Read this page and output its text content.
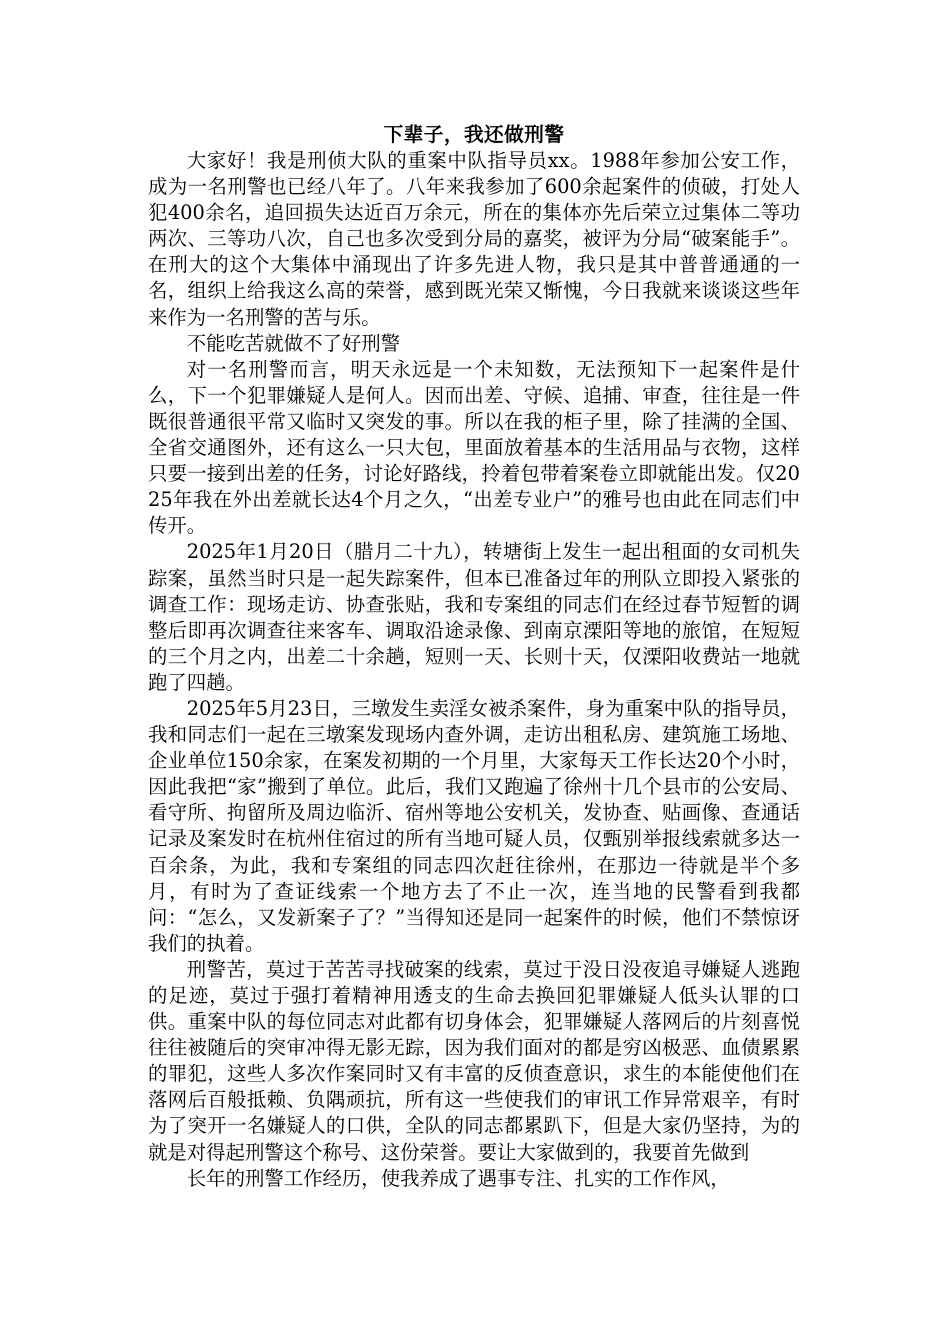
下辈子，我还做刑警

大家好！我是刑侦大队的重案中队指导员xx。1988年参加公安工作，成为一名刑警也已经八年了。八年来我参加了600余起案件的侦破，打处人犯400余名，追回损失达近百万余元，所在的集体亦先后荣立过集体二等功两次、三等功八次，自己也多次受到分局的嘉奖，被评为分局“破案能手”。在刑大的这个大集体中涌现出了许多先进人物，我只是其中普普通通的一名，组织上给我这么高的荣誉，感到既光荣又惭愧，今日我就来谈谈这些年来作为一名刑警的苦与乐。

不能吃苦就做不了好刑警

对一名刑警而言，明天永远是一个未知数，无法预知下一起案件是什么，下一个犯罪嫌疑人是何人。因而出差、守候、追捕、审查，往往是一件既很普通很平常又临时又突发的事。所以在我的柜子里，除了挂满的全国、全省交通图外，还有这么一只大包，里面放着基本的生活用品与衣物，这样只要一接到出差的任务，讨论好路线，拎着包带着案卷立即就能出发。仅2025年我在外出差就长达4个月之久，“出差专业户”的雅号也由此在同志们中传开。

2025年1月20日（腊月二十九），转塘街上发生一起出租面的女司机失踪案，虽然当时只是一起失踪案件，但本已准备过年的刑队立即投入紧张的调查工作：现场走访、协查张贴，我和专案组的同志们在经过春节短暂的调整后即再次调查往来客车、调取沿途录像、到南京溧阳等地的旅馆，在短短的三个月之内，出差二十余趟，短则一天、长则十天，仅溧阳收费站一地就跑了四趟。

2025年5月23日，三墩发生卖淫女被杀案件，身为重案中队的指导员，我和同志们一起在三墩案发现场内查外调，走访出租私房、建筑施工场地、企业单位150余家，在案发初期的一个月里，大家每天工作长达20个小时，因此我把“家”搬到了单位。此后，我们又跑遍了徐州十几个县市的公安局、看守所、拘留所及周边临沂、宿州等地公安机关，发协查、贴画像、查通话记录及案发时在杭州住宿过的所有当地可疑人员，仅甄别举报线索就多达一百余条，为此，我和专案组的同志四次赶往徐州，在那边一待就是半个多月，有时为了查证线索一个地方去了不止一次，连当地的民警看到我都问：“怎么，又发新案子了？”当得知还是同一起案件的时候，他们不禁惊讶我们的执着。

刑警苦，莫过于苦苦寻找破案的线索，莫过于没日没夜追寻嫌疑人逃跑的足迹，莫过于强打着精神用透支的生命去换回犯罪嫌疑人低头认罪的口供。重案中队的每位同志对此都有切身体会，犯罪嫌疑人落网后的片刻喜悦往往被随后的突审冲得无影无踪，因为我们面对的都是穷凶极恶、血债累累的罪犯，这些人多次作案同时又有丰富的反侦查意识，求生的本能使他们在落网后百般抵赖、负隅顽抗，所有这一些使我们的审讯工作异常艰辛，有时为了突开一名嫌疑人的口供，全队的同志都累趴下，但是大家仍坚持，为的就是对得起刑警这个称号、这份荣誉。要让大家做到的，我要首先做到

长年的刑警工作经历，使我养成了遇事专注、扎实的工作作风，
